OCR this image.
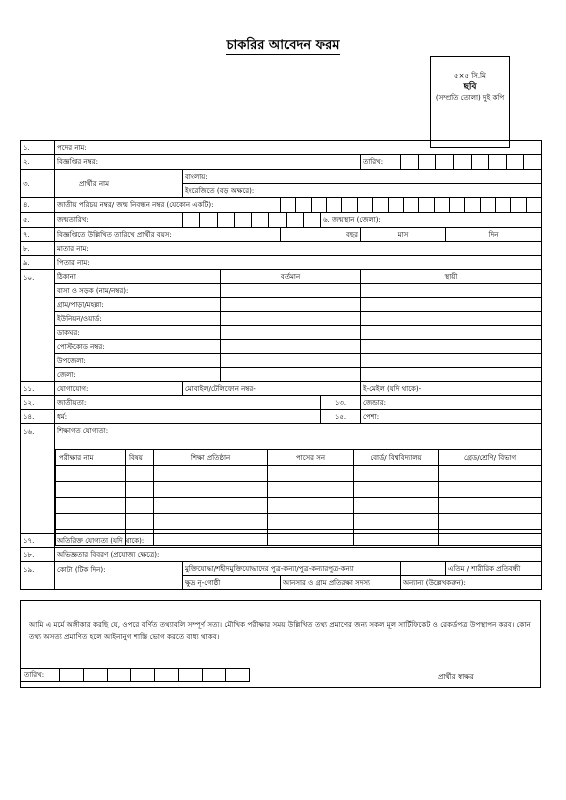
চাকরির আবেদন ফরম
৫×৫ সি.মি
ছবি
(সম্প্রতি তোলা) দুই কপি
১.	পদের নাম:							
২.	বিজ্ঞপ্তির নম্বর:					তারিখ:		

৩.	প্রার্থীর নাম	বাংলায়:						
		ইংরেজিতে (বড় অক্ষরে):						
৪.	জাতীয় পরিচয় নম্বর/ জন্ম নিবন্ধন নম্বর (যেকোন একটি):							

৫.	জন্মতারিখ:				৬. জন্মস্থান (জেলা):			
৭.	বিজ্ঞপ্তিতে উল্লিখিত তারিখে প্রার্থীর বয়স:			বছর		মাস		দিন
৮.	মাতার নাম:							
৯.	পিতার নাম:							
১০.	ঠিকানা		বর্তমান			স্থায়ী		
	বাসা ও সড়ক (নাম/নম্বর):							
	গ্রাম/পাড়া/মহল্লা:							
	ইউনিয়ন/ওয়ার্ড:							
	ডাকঘর:							
	পোস্টকোড নম্বর:							
	উপজেলা:							
	জেলা:							
১১.	যোগাযোগ:	মোবাইল/টেলিফোন নম্বর-				ই-মেইল (যদি থাকে)-		
১২.	জাতীয়তা:				১৩.	জেন্ডার:		
১৪.	ধর্ম:				১৫.	পেশা:		
১৬.	শিক্ষাগত যোগ্যতা:							

১৭.	অতিরিক্ত যোগ্যতা (যদি থাকে):							
১৮.	অভিজ্ঞতার বিবরণ (প্রযোজ্য ক্ষেত্রে):							
১৯.	কোটা (টিক দিন):	মুক্তিযোদ্ধা/শহীদমুক্তিযোদ্ধাদের পুত্র-কন্যা/পুত্র-কন্যারপুত্র-কন্যা						এতিম / শারীরিক প্রতিবন্ধী
		ক্ষুদ্র নৃ-গোষ্ঠী		আনসার ও গ্রাম প্রতিরক্ষা সদস্য			অন্যান্য (উল্লেখকরুন):	
পরীক্ষার নাম	বিষয়	শিক্ষা প্রতিষ্ঠান	পাসের সন	বোর্ড/ বিশ্ববিদ্যালয়	গ্রেড/শ্রেণি/ বিভাগ

আমি এ মর্মে অঙ্গীকার করছি যে, ওপরে বর্ণিত তথ্যাবলি সম্পূর্ণ সত্য। মৌখিক পরীক্ষার সময় উল্লিখিত তথ্য প্রমাণের জন্য সকল মূল সার্টিফিকেট ও রেকর্ডপত্র উপস্থাপন করব। কোন তথ্য অসত্য প্রমাণিত হলে আইনানুগ শাস্তি ভোগ করতে বাধ্য থাকব।
তারিখ:	প্রার্থীর স্বাক্ষর
